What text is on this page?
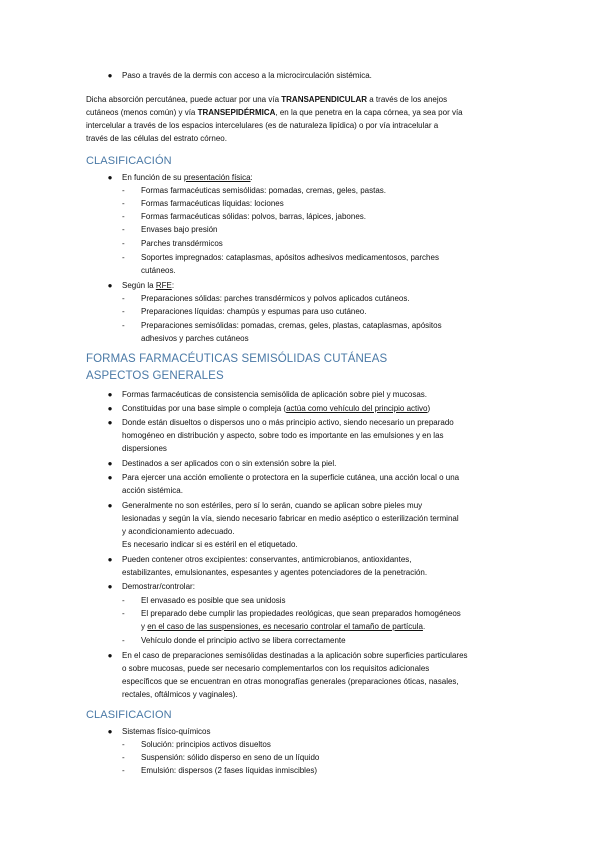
● Paso a través de la dermis con acceso a la microcirculación sistémica.
Dicha absorción percutánea, puede actuar por una vía TRANSAPENDICULAR a través de los anejos
cutáneos (menos común) y vía TRANSEPIDÉRMICA, en la que penetra en la capa córnea, ya sea por vía
intercelular a través de los espacios intercelulares (es de naturaleza lipídica) o por vía intracelular a
través de las células del estrato córneo.
CLASIFICACIÓN
● En función de su presentación física:
-	Formas farmacéuticas semisólidas: pomadas, cremas, geles, pastas.
-	Formas farmacéuticas líquidas: lociones
-	Formas farmacéuticas sólidas: polvos, barras, lápices, jabones.
-	Envases bajo presión
-	Parches transdérmicos
-	Soportes impregnados: cataplasmas, apósitos adhesivos medicamentosos, parches
cutáneos.
● Según la RFE:
-	Preparaciones sólidas: parches transdérmicos y polvos aplicados cutáneos.
-	Preparaciones líquidas: champús y espumas para uso cutáneo.
-	Preparaciones semisólidas: pomadas, cremas, geles, plastas, cataplasmas, apósitos
adhesivos y parches cutáneos
FORMAS FARMACÉUTICAS SEMISÓLIDAS CUTÁNEAS
ASPECTOS GENERALES
● Formas farmacéuticas de consistencia semisólida de aplicación sobre piel y mucosas.
● Constituidas por una base simple o compleja (actúa como vehículo del principio activo)
● Donde están disueltos o dispersos uno o más principio activo, siendo necesario un preparado
homogéneo en distribución y aspecto, sobre todo es importante en las emulsiones y en las
dispersiones
● Destinados a ser aplicados con o sin extensión sobre la piel.
● Para ejercer una acción emoliente o protectora en la superficie cutánea, una acción local o una
acción sistémica.
● Generalmente no son estériles, pero sí lo serán, cuando se aplican sobre pieles muy
lesionadas y según la vía, siendo necesario fabricar en medio aséptico o esterilización terminal
y acondicionamiento adecuado.
Es necesario indicar si es estéril en el etiquetado.
● Pueden contener otros excipientes: conservantes, antimicrobianos, antioxidantes,
estabilizantes, emulsionantes, espesantes y agentes potenciadores de la penetración.
● Demostrar/controlar:
-	El envasado es posible que sea unidosis
-	El preparado debe cumplir las propiedades reológicas, que sean preparados homogéneos
y en el caso de las suspensiones, es necesario controlar el tamaño de partícula.
-	Vehículo donde el principio activo se libera correctamente
● En el caso de preparaciones semisólidas destinadas a la aplicación sobre superficies particulares
o sobre mucosas, puede ser necesario complementarlos con los requisitos adicionales
específicos que se encuentran en otras monografías generales (preparaciones óticas, nasales,
rectales, oftálmicos y vaginales).
CLASIFICACION
● Sistemas físico-químicos
-	Solución: principios activos disueltos
-	Suspensión: sólido disperso en seno de un líquido
-	Emulsión: dispersos (2 fases líquidas inmiscibles)
